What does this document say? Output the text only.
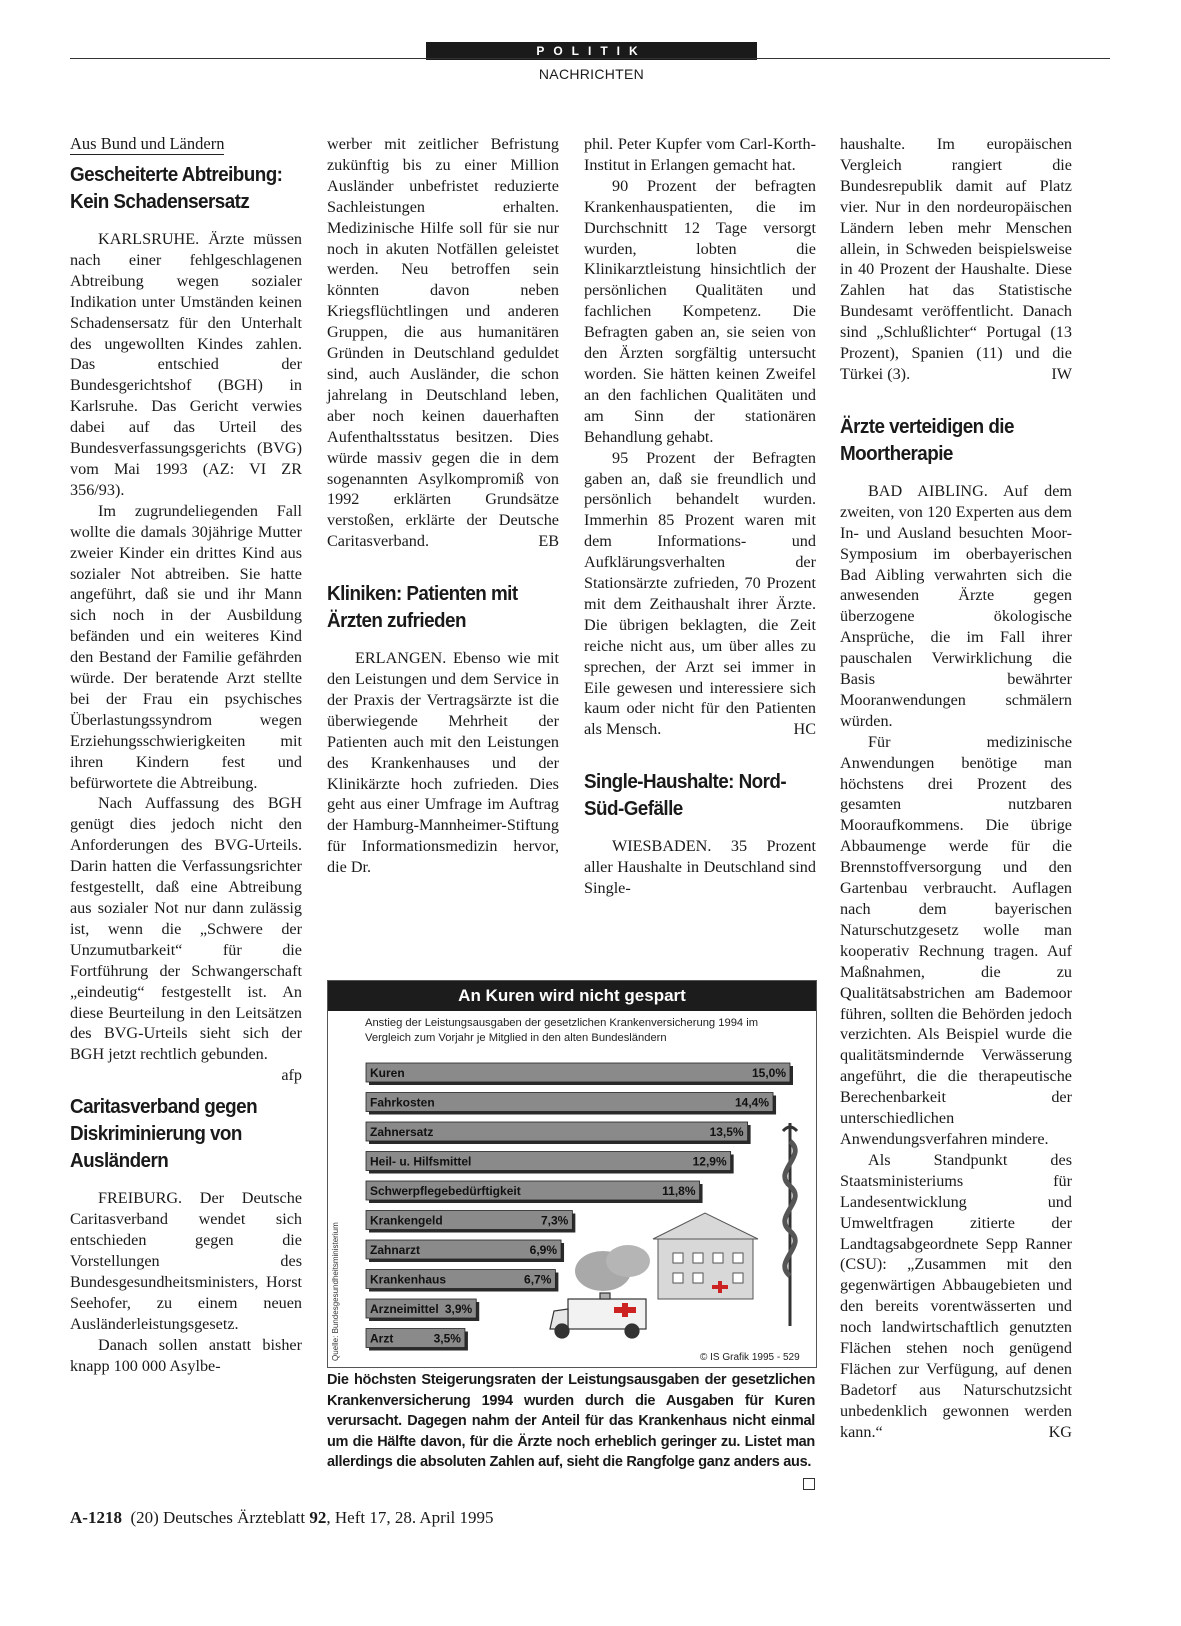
POLITIK
NACHRICHTEN
Aus Bund und Ländern
Gescheiterte Abtreibung: Kein Schadensersatz

KARLSRUHE. Ärzte müssen nach einer fehlgeschlagenen Abtreibung wegen sozialer Indikation unter Umständen keinen Schadensersatz für den Unterhalt des ungewollten Kindes zahlen. Das entschied der Bundesgerichtshof (BGH) in Karlsruhe. Das Gericht verwies dabei auf das Urteil des Bundesverfassungsgerichts (BVG) vom Mai 1993 (AZ: VI ZR 356/93).

Im zugrundeliegenden Fall wollte die damals 30jährige Mutter zweier Kinder ein drittes Kind aus sozialer Not abtreiben. Sie hatte angeführt, daß sie und ihr Mann sich noch in der Ausbildung befänden und ein weiteres Kind den Bestand der Familie gefährden würde. Der beratende Arzt stellte bei der Frau ein psychisches Überlastungssyndrom wegen Erziehungsschwierigkeiten mit ihren Kindern fest und befürwortete die Abtreibung.

Nach Auffassung des BGH genügt dies jedoch nicht den Anforderungen des BVG-Urteils. Darin hatten die Verfassungsrichter festgestellt, daß eine Abtreibung aus sozialer Not nur dann zulässig ist, wenn die „Schwere der Unzumutbarkeit“ für die Fortführung der Schwangerschaft „eindeutig“ festgestellt ist. An diese Beurteilung in den Leitsätzen des BVG-Urteils sieht sich der BGH jetzt rechtlich gebunden.
afp

Caritasverband gegen Diskriminierung von Ausländern

FREIBURG. Der Deutsche Caritasverband wendet sich entschieden gegen die Vorstellungen des Bundesgesundheitsministers, Horst Seehofer, zu einem neuen Ausländerleistungsgesetz.

Danach sollen anstatt bisher knapp 100 000 Asylbe-

werber mit zeitlicher Befristung zukünftig bis zu einer Million Ausländer unbefristet reduzierte Sachleistungen erhalten. Medizinische Hilfe soll für sie nur noch in akuten Notfällen geleistet werden. Neu betroffen sein könnten davon neben Kriegsflüchtlingen und anderen Gruppen, die aus humanitären Gründen in Deutschland geduldet sind, auch Ausländer, die schon jahrelang in Deutschland leben, aber noch keinen dauerhaften Aufenthaltsstatus besitzen. Dies würde massiv gegen die in dem sogenannten Asylkompromiß von 1992 erklärten Grundsätze verstoßen, erklärte der Deutsche Caritasverband.	EB

Kliniken: Patienten mit Ärzten zufrieden

ERLANGEN. Ebenso wie mit den Leistungen und dem Service in der Praxis der Vertragsärzte ist die überwiegende Mehrheit der Patienten auch mit den Leistungen des Krankenhauses und der Klinikärzte hoch zufrieden. Dies geht aus einer Umfrage im Auftrag der Hamburg-Mannheimer-Stiftung für Informationsmedizin hervor, die Dr.

phil. Peter Kupfer vom Carl-Korth-Institut in Erlangen gemacht hat.

90 Prozent der befragten Krankenhauspatienten, die im Durchschnitt 12 Tage versorgt wurden, lobten die Klinikarztleistung hinsichtlich der persönlichen Qualitäten und fachlichen Kompetenz. Die Befragten gaben an, sie seien von den Ärzten sorgfältig untersucht worden. Sie hätten keinen Zweifel an den fachlichen Qualitäten und am Sinn der stationären Behandlung gehabt.

95 Prozent der Befragten gaben an, daß sie freundlich und persönlich behandelt wurden. Immerhin 85 Prozent waren mit dem Informations- und Aufklärungsverhalten der Stationsärzte zufrieden, 70 Prozent mit dem Zeithaushalt ihrer Ärzte. Die übrigen beklagten, die Zeit reiche nicht aus, um über alles zu sprechen, der Arzt sei immer in Eile gewesen und interessiere sich kaum oder nicht für den Patienten als Mensch.	HC

Single-Haushalte: Nord-Süd-Gefälle

WIESBADEN. 35 Prozent aller Haushalte in Deutschland sind Single-

haushalte. Im europäischen Vergleich rangiert die Bundesrepublik damit auf Platz vier. Nur in den nordeuropäischen Ländern leben mehr Menschen allein, in Schweden beispielsweise in 40 Prozent der Haushalte. Diese Zahlen hat das Statistische Bundesamt veröffentlicht. Danach sind „Schlußlichter“ Portugal (13 Prozent), Spanien (11) und die Türkei (3).	IW

Ärzte verteidigen die Moortherapie

BAD AIBLING. Auf dem zweiten, von 120 Experten aus dem In- und Ausland besuchten Moor-Symposium im oberbayerischen Bad Aibling verwahrten sich die anwesenden Ärzte gegen überzogene ökologische Ansprüche, die im Fall ihrer pauschalen Verwirklichung die Basis bewährter Mooranwendungen schmälern würden.

Für medizinische Anwendungen benötige man höchstens drei Prozent des gesamten nutzbaren Mooraufkommens. Die übrige Abbaumenge werde für die Brennstoffversorgung und den Gartenbau verbraucht. Auflagen nach dem bayerischen Naturschutzgesetz wolle man kooperativ Rechnung tragen. Auf Maßnahmen, die zu Qualitätsabstrichen am Bademoor führen, sollten die Behörden jedoch verzichten. Als Beispiel wurde die qualitätsmindernde Verwässerung angeführt, die die therapeutische Berechenbarkeit der unterschiedlichen Anwendungsverfahren mindere.

Als Standpunkt des Staatsministeriums für Landesentwicklung und Umweltfragen zitierte der Landtagsabgeordnete Sepp Ranner (CSU): „Zusammen mit den gegenwärtigen Abbaugebieten und den bereits vorentwässerten und noch landwirtschaftlich genutzten Flächen stehen noch genügend Flächen zur Verfügung, auf denen Badetorf aus Naturschutzsicht unbedenklich gewonnen werden kann.“	KG

An Kuren wird nicht gespart
Anstieg der Leistungsausgaben der gesetzlichen Krankenversicherung 1994 im Vergleich zum Vorjahr je Mitglied in den alten Bundesländern
Kuren	15,0%
Fahrkosten	14,4%
Zahnersatz	13,5%
Heil- u. Hilfsmittel	12,9%
Schwerpflegebedürftigkeit	11,8%
Krankengeld	7,3%
Zahnarzt	6,9%
Krankenhaus	6,7%
Arzneimittel 3,9%
Arzt	3,5%
Quelle: Bundesgesundheitsministerium	© IS Grafik 1995 - 529
Die höchsten Steigerungsraten der Leistungsausgaben der gesetzlichen Krankenversicherung 1994 wurden durch die Ausgaben für Kuren verursacht. Dagegen nahm der Anteil für das Krankenhaus nicht einmal um die Hälfte davon, für die Ärzte noch erheblich geringer zu. Listet man allerdings die absoluten Zahlen auf, sieht die Rangfolge ganz anders aus.
A-1218 (20) Deutsches Ärzteblatt 92, Heft 17, 28. April 1995
